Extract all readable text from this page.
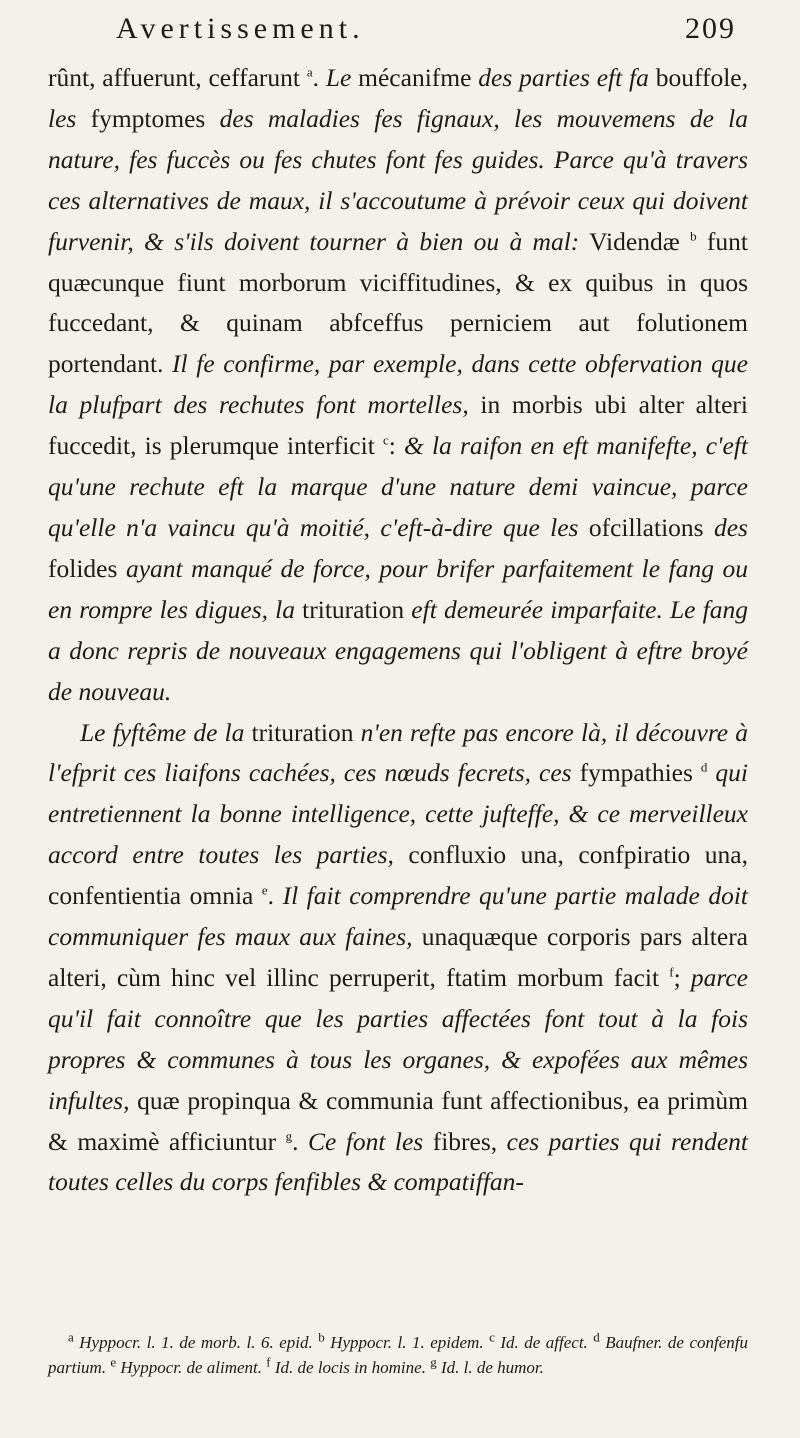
Avertissement.	209

rûnt, affuerunt, ceffarunt $^a$. Le mécanifme des parties eft fa bouffole, les fymptomes des maladies fes fignaux, les mouvemens de la nature, fes fuccès ou fes chutes font fes guides. Parce qu'à travers ces alternatives de maux, il s'accoutume à prévoir ceux qui doivent furvenir, & s'ils doivent tourner à bien ou à mal: Videndæ $^b$ funt quæcunque fiunt morborum viciffitudines, & ex quibus in quos fuccedant, & quinam abfceffus perniciem aut folutionem portendant. Il fe confirme, par exemple, dans cette obfervation que la plufpart des rechutes font mortelles, in morbis ubi alter alteri fuccedit, is plerumque interficit $^c$: & la raifon en eft manifefte, c'eft qu'une rechute eft la marque d'une nature demi vaincue, parce qu'elle n'a vaincu qu'à moitié, c'eft-à-dire que les ofcillations des folides ayant manqué de force, pour brifer parfaitement le fang ou en rompre les digues, la trituration eft demeurée imparfaite. Le fang a donc repris de nouveaux engagemens qui l'obligent à eftre broyé de nouveau.

Le fyftême de la trituration n'en refte pas encore là, il découvre à l'efprit ces liaifons cachées, ces nœuds fecrets, ces fympathies $^d$ qui entretiennent la bonne intelligence, cette jufteffe, & ce merveilleux accord entre toutes les parties, confluxio una, confpiratio una, confentientia omnia $^e$. Il fait comprendre qu'une partie malade doit communiquer fes maux aux faines, unaquæque corporis pars altera alteri, cùm hinc vel illinc perruperit, ftatim morbum facit $^f$; parce qu'il fait connoître que les parties affectées font tout à la fois propres & communes à tous les organes, & expofées aux mêmes infultes, quæ propinqua & communia funt affectionibus, ea primùm & maximè afficiuntur $^g$. Ce font les fibres, ces parties qui rendent toutes celles du corps fenfibles & compatiffan-

$^a$ Hyppocr. l. 1. de morb. l. 6. epid. $^b$ Hyppocr. l. 1. epidem. $^c$ Id. de affect. $^d$ Baufner. de confenfu partium. $^e$ Hyppocr. de aliment. $^f$ Id. de locis in homine. $^g$ Id. l. de humor.
